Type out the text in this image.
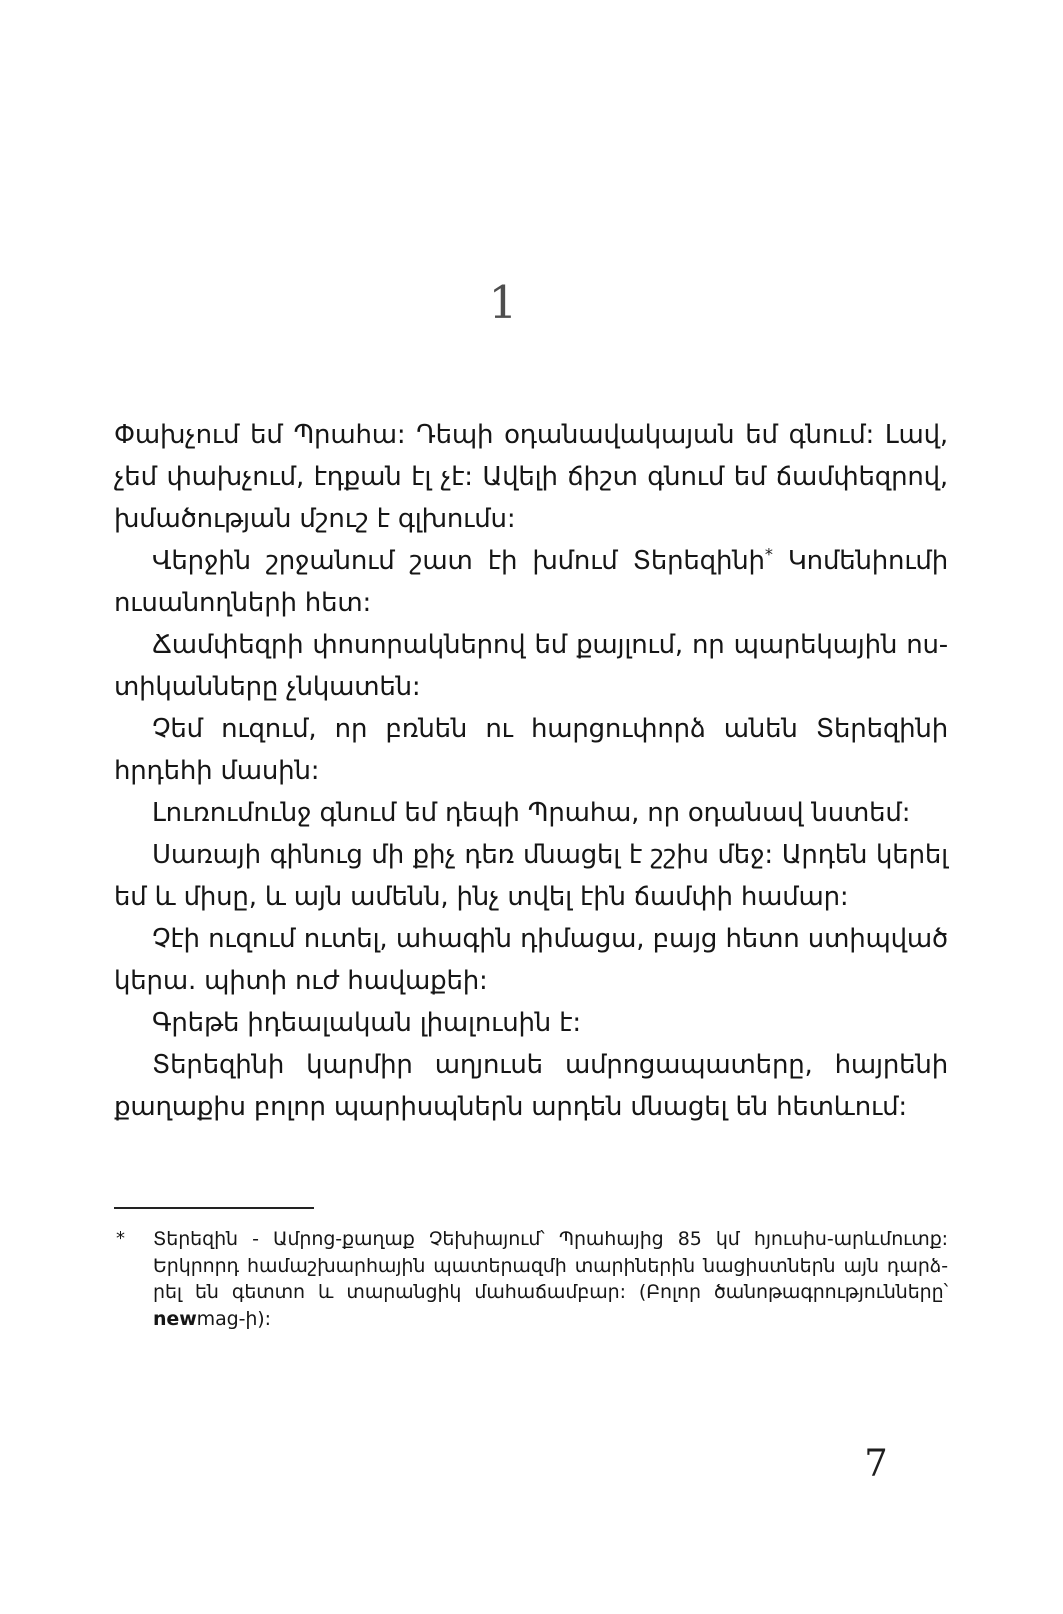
1
Փախչում եմ Պրահա: Դեպի օդանավակայան եմ գնում: Լավ,
չեմ փախչում, էդքան էլ չէ: Ավելի ճիշտ գնում եմ ճամփեզրով,
խմածության մշուշ է գլխումս:
Վերջին շրջանում շատ էի խմում Տերեզինի* Կոմենիումի
ուսանողների հետ:
Ճամփեզրի փոսորակներով եմ քայլում, որ պարեկային ոս-
տիկանները չնկատեն:
Չեմ ուզում, որ բռնեն ու հարցուփորձ անեն Տերեզինի
հրդեհի մասին:
Լուռումունջ գնում եմ դեպի Պրահա, որ օդանավ նստեմ:
Սառայի գինուց մի քիչ դեռ մնացել է շշիս մեջ: Արդեն կերել
եմ և միսը, և այն ամենն, ինչ տվել էին ճամփի համար:
Չէի ուզում ուտել, ահագին դիմացա, բայց հետո ստիպված
կերա. պիտի ուժ հավաքեի:
Գրեթե իդեալական լիալուսին է:
Տերեզինի կարմիր աղյուսե ամրոցապատերը, հայրենի
քաղաքիս բոլոր պարիսպներն արդեն մնացել են հետևում:
* Տերեզին - Ամրոց-քաղաք Չեխիայում՝ Պրահայից 85 կմ հյուսիս-արևմուտք:
Երկրորդ համաշխարհային պատերազմի տարիներին նացիստներն այն դարձ-
րել են գետտո և տարանցիկ մահաճամբար: (Բոլոր ծանոթագրությունները՝
newmag-ի):
7
